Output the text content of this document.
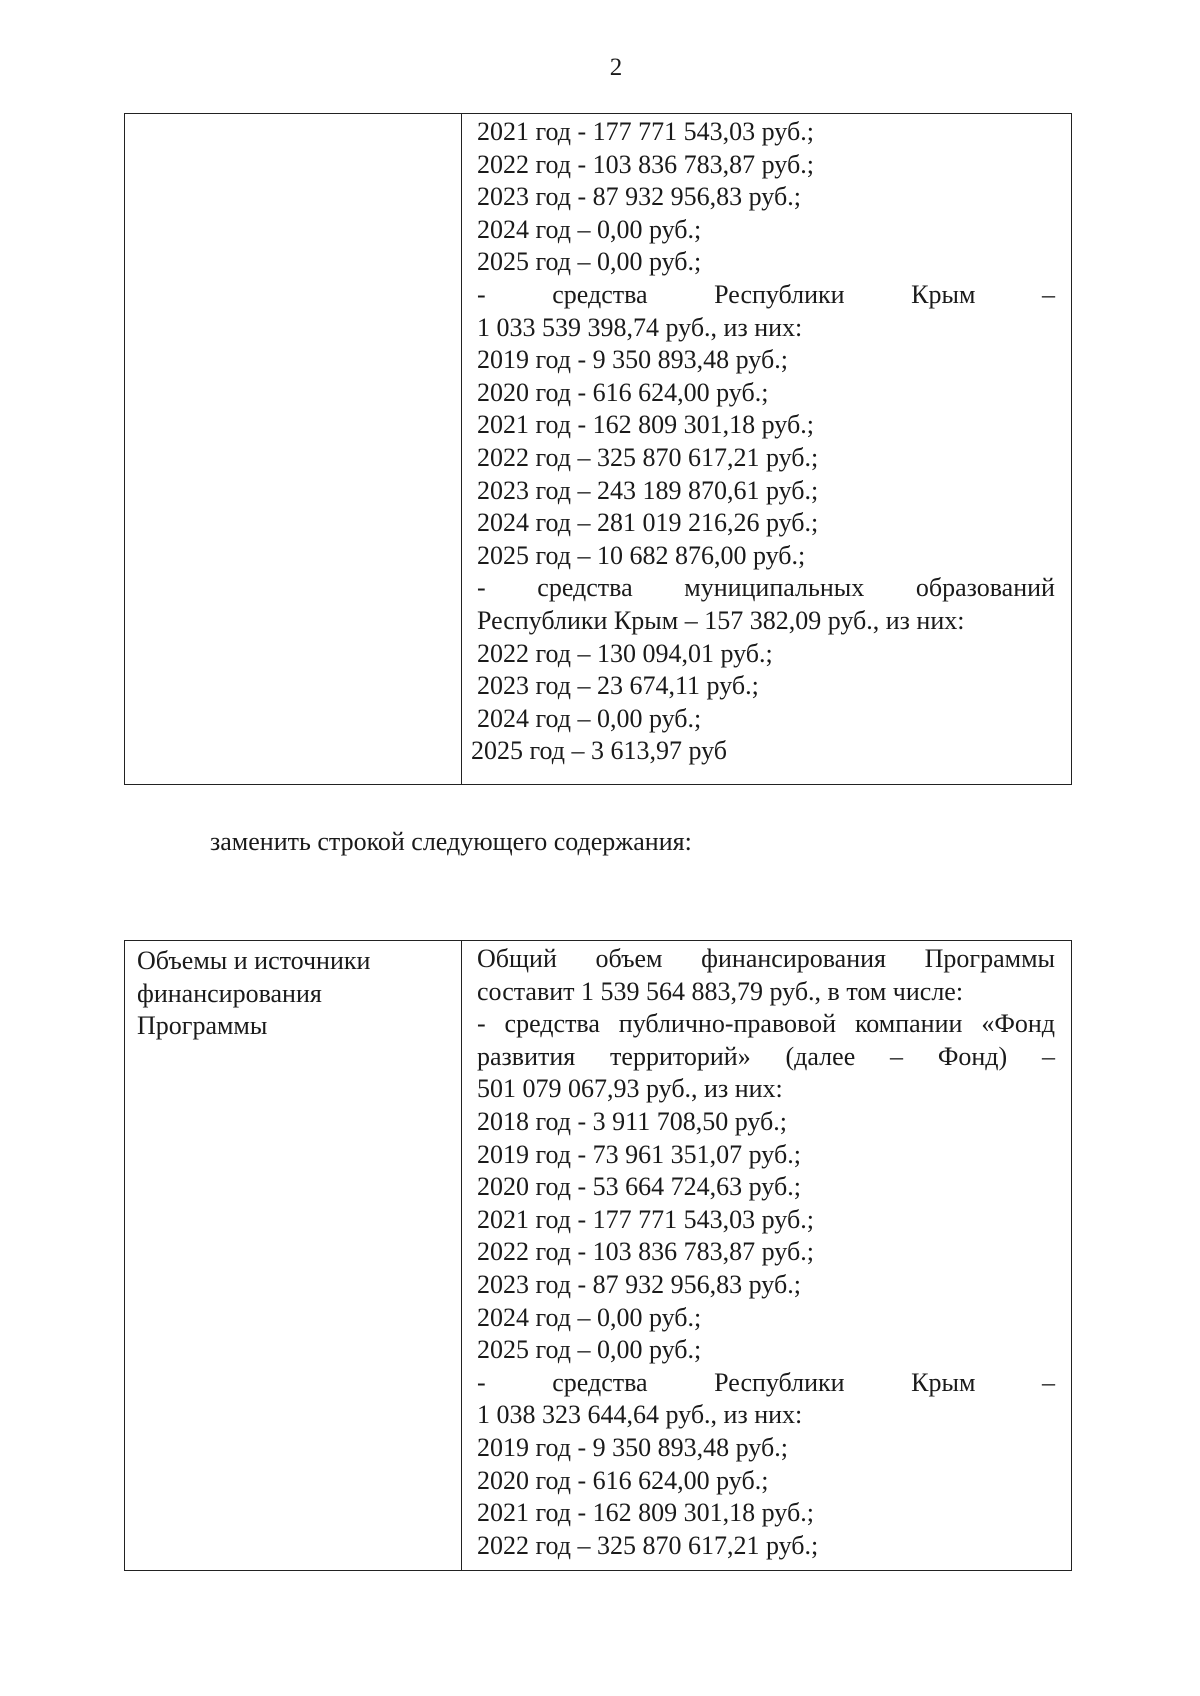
2

2021 год - 177 771 543,03 руб.;
2022 год - 103 836 783,87 руб.;
2023 год - 87 932 956,83 руб.;
2024 год – 0,00 руб.;
2025 год – 0,00 руб.;
-	средства	Республики	Крым	–
1 033 539 398,74 руб., из них:
2019 год - 9 350 893,48 руб.;
2020 год - 616 624,00 руб.;
2021 год - 162 809 301,18 руб.;
2022 год – 325 870 617,21 руб.;
2023 год – 243 189 870,61 руб.;
2024 год – 281 019 216,26 руб.;
2025 год – 10 682 876,00 руб.;
- средства муниципальных образований
Республики Крым – 157 382,09 руб., из них:
2022 год – 130 094,01 руб.;
2023 год – 23 674,11 руб.;
2024 год – 0,00 руб.;
2025 год – 3 613,97 руб
заменить строкой следующего содержания:
Объемы и источники
финансирования
Программы

Общий объем финансирования Программы
составит 1 539 564 883,79 руб., в том числе:
- средства публично-правовой компании «Фонд
развития территорий» (далее – Фонд) –
501 079 067,93 руб., из них:
2018 год - 3 911 708,50 руб.;
2019 год - 73 961 351,07 руб.;
2020 год - 53 664 724,63 руб.;
2021 год - 177 771 543,03 руб.;
2022 год - 103 836 783,87 руб.;
2023 год - 87 932 956,83 руб.;
2024 год – 0,00 руб.;
2025 год – 0,00 руб.;
-	средства	Республики	Крым	–
1 038 323 644,64 руб., из них:
2019 год - 9 350 893,48 руб.;
2020 год - 616 624,00 руб.;
2021 год - 162 809 301,18 руб.;
2022 год – 325 870 617,21 руб.;
